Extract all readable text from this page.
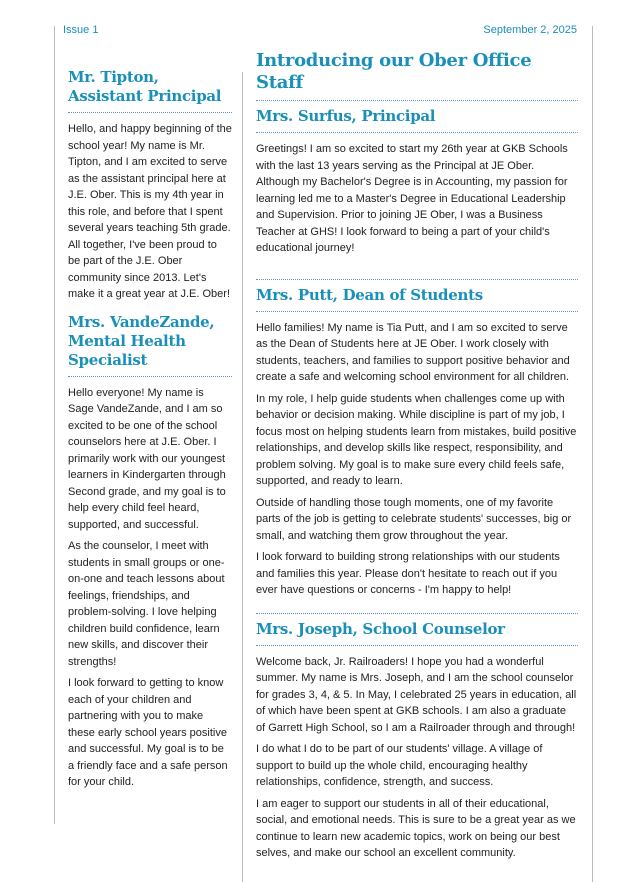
Issue 1	September 2, 2025
Mr. Tipton, Assistant Principal

Hello, and happy beginning of the school year! My name is Mr. Tipton, and I am excited to serve as the assistant principal here at J.E. Ober. This is my 4th year in this role, and before that I spent several years teaching 5th grade. All together, I've been proud to be part of the J.E. Ober community since 2013. Let's make it a great year at J.E. Ober!

Mrs. VandeZande, Mental Health Specialist

Hello everyone! My name is Sage VandeZande, and I am so excited to be one of the school counselors here at J.E. Ober. I primarily work with our youngest learners in Kindergarten through Second grade, and my goal is to help every child feel heard, supported, and successful.

As the counselor, I meet with students in small groups or one-on-one and teach lessons about feelings, friendships, and problem-solving. I love helping children build confidence, learn new skills, and discover their strengths!

I look forward to getting to know each of your children and partnering with you to make these early school years positive and successful. My goal is to be a friendly face and a safe person for your child.

Introducing our Ober Office Staff
Mrs. Surfus, Principal

Greetings! I am so excited to start my 26th year at GKB Schools with the last 13 years serving as the Principal at JE Ober. Although my Bachelor's Degree is in Accounting, my passion for learning led me to a Master's Degree in Educational Leadership and Supervision. Prior to joining JE Ober, I was a Business Teacher at GHS! I look forward to being a part of your child's educational journey!

Mrs. Putt, Dean of Students

Hello families! My name is Tia Putt, and I am so excited to serve as the Dean of Students here at JE Ober. I work closely with students, teachers, and families to support positive behavior and create a safe and welcoming school environment for all children.

In my role, I help guide students when challenges come up with behavior or decision making. While discipline is part of my job, I focus most on helping students learn from mistakes, build positive relationships, and develop skills like respect, responsibility, and problem solving. My goal is to make sure every child feels safe, supported, and ready to learn.

Outside of handling those tough moments, one of my favorite parts of the job is getting to celebrate students' successes, big or small, and watching them grow throughout the year.

I look forward to building strong relationships with our students and families this year. Please don't hesitate to reach out if you ever have questions or concerns - I'm happy to help!

Mrs. Joseph, School Counselor

Welcome back, Jr. Railroaders! I hope you had a wonderful summer. My name is Mrs. Joseph, and I am the school counselor for grades 3, 4, & 5. In May, I celebrated 25 years in education, all of which have been spent at GKB schools. I am also a graduate of Garrett High School, so I am a Railroader through and through!

I do what I do to be part of our students' village. A village of support to build up the whole child, encouraging healthy relationships, confidence, strength, and success.

I am eager to support our students in all of their educational, social, and emotional needs. This is sure to be a great year as we continue to learn new academic topics, work on being our best selves, and make our school an excellent community.
